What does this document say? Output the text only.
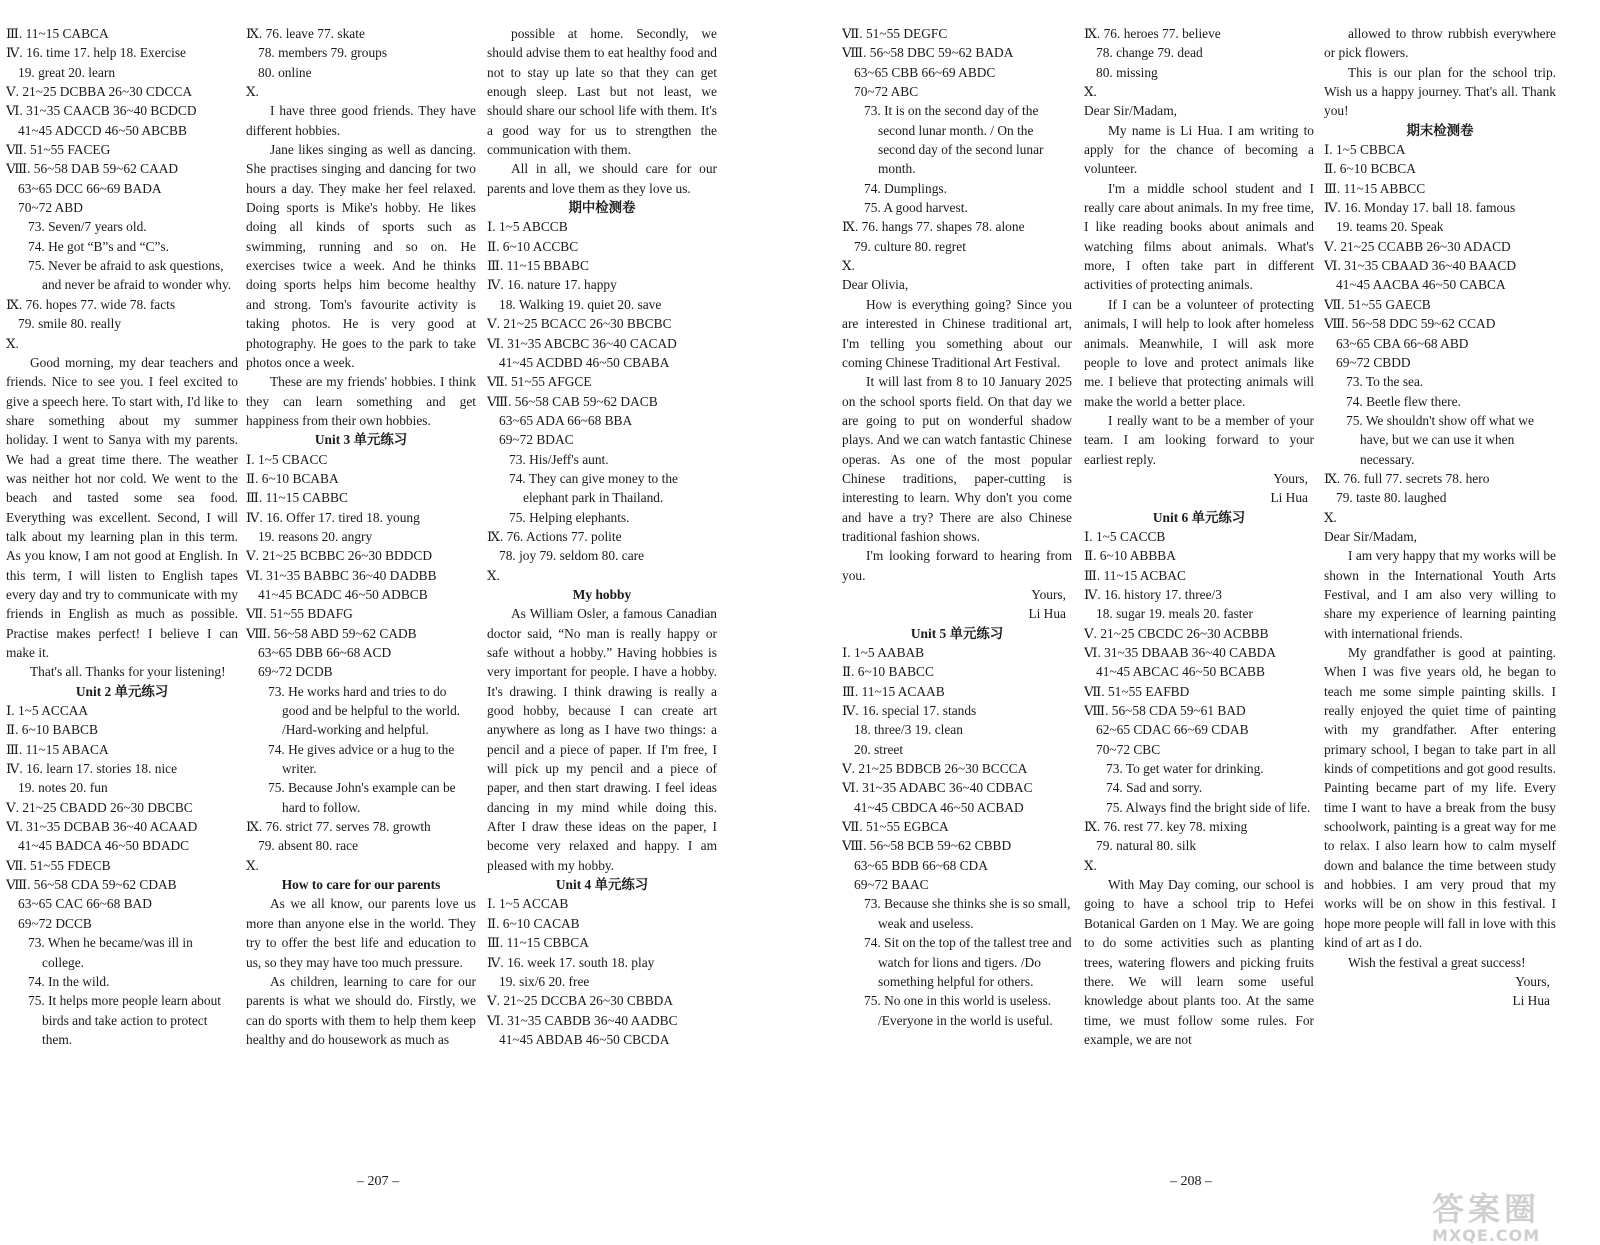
Ⅲ. 11~15 CABCA

Ⅳ. 16. time 17. help 18. Exercise

19. great 20. learn

Ⅴ. 21~25 DCBBA 26~30 CDCCA

Ⅵ. 31~35 CAACB 36~40 BCDCD

41~45 ADCCD 46~50 ABCBB

Ⅶ. 51~55 FACEG

Ⅷ. 56~58 DAB 59~62 CAAD

63~65 DCC 66~69 BADA

70~72 ABD

73. Seven/7 years old.

74. He got “B”s and “C”s.

75. Never be afraid to ask questions, and never be afraid to wonder why.

Ⅸ. 76. hopes 77. wide 78. facts

79. smile 80. really

Ⅹ.

Good morning, my dear teachers and friends. Nice to see you. I feel excited to give a speech here. To start with, I'd like to share something about my summer holiday. I went to Sanya with my parents. We had a great time there. The weather was neither hot nor cold. We went to the beach and tasted some sea food. Everything was excellent. Second, I will talk about my learning plan in this term. As you know, I am not good at English. In this term, I will listen to English tapes every day and try to communicate with my friends in English as much as possible. Practise makes perfect! I believe I can make it.

That's all. Thanks for your listening!

Unit 2 单元练习

Ⅰ. 1~5 ACCAA

Ⅱ. 6~10 BABCB

Ⅲ. 11~15 ABACA

Ⅳ. 16. learn 17. stories 18. nice

19. notes 20. fun

Ⅴ. 21~25 CBADD 26~30 DBCBC

Ⅵ. 31~35 DCBAB 36~40 ACAAD

41~45 BADCA 46~50 BDADC

Ⅶ. 51~55 FDECB

Ⅷ. 56~58 CDA 59~62 CDAB

63~65 CAC 66~68 BAD

69~72 DCCB

73. When he became/was ill in college.

74. In the wild.

75. It helps more people learn about birds and take action to protect them.

Ⅸ. 76. leave 77. skate

78. members 79. groups

80. online

Ⅹ.

I have three good friends. They have different hobbies.

Jane likes singing as well as dancing. She practises singing and dancing for two hours a day. They make her feel relaxed. Doing sports is Mike's hobby. He likes doing all kinds of sports such as swimming, running and so on. He exercises twice a week. And he thinks doing sports helps him become healthy and strong. Tom's favourite activity is taking photos. He is very good at photography. He goes to the park to take photos once a week.

These are my friends' hobbies. I think they can learn something and get happiness from their own hobbies.

Unit 3 单元练习

Ⅰ. 1~5 CBACC

Ⅱ. 6~10 BCABA

Ⅲ. 11~15 CABBC

Ⅳ. 16. Offer 17. tired 18. young

19. reasons 20. angry

Ⅴ. 21~25 BCBBC 26~30 BDDCD

Ⅵ. 31~35 BABBC 36~40 DADBB

41~45 BCADC 46~50 ADBCB

Ⅶ. 51~55 BDAFG

Ⅷ. 56~58 ABD 59~62 CADB

63~65 DBB 66~68 ACD

69~72 DCDB

73. He works hard and tries to do good and be helpful to the world. /Hard-working and helpful.

74. He gives advice or a hug to the writer.

75. Because John's example can be hard to follow.

Ⅸ. 76. strict 77. serves 78. growth

79. absent 80. race

Ⅹ.

How to care for our parents

As we all know, our parents love us more than anyone else in the world. They try to offer the best life and education to us, so they may have too much pressure.

As children, learning to care for our parents is what we should do. Firstly, we can do sports with them to help them keep healthy and do housework as much as

possible at home. Secondly, we should advise them to eat healthy food and not to stay up late so that they can get enough sleep. Last but not least, we should share our school life with them. It's a good way for us to strengthen the communication with them.

All in all, we should care for our parents and love them as they love us.

期中检测卷

Ⅰ. 1~5 ABCCB

Ⅱ. 6~10 ACCBC

Ⅲ. 11~15 BBABC

Ⅳ. 16. nature 17. happy

18. Walking 19. quiet 20. save

Ⅴ. 21~25 BCACC 26~30 BBCBC

Ⅵ. 31~35 ABCBC 36~40 CACAD

41~45 ACDBD 46~50 CBABA

Ⅶ. 51~55 AFGCE

Ⅷ. 56~58 CAB 59~62 DACB

63~65 ADA 66~68 BBA

69~72 BDAC

73. His/Jeff's aunt.

74. They can give money to the elephant park in Thailand.

75. Helping elephants.

Ⅸ. 76. Actions 77. polite

78. joy 79. seldom 80. care

Ⅹ.

My hobby

As William Osler, a famous Canadian doctor said, “No man is really happy or safe without a hobby.” Having hobbies is very important for people. I have a hobby. It's drawing. I think drawing is really a good hobby, because I can create art anywhere as long as I have two things: a pencil and a piece of paper. If I'm free, I will pick up my pencil and a piece of paper, and then start drawing. I feel ideas dancing in my mind while doing this. After I draw these ideas on the paper, I become very relaxed and happy. I am pleased with my hobby.

Unit 4 单元练习

Ⅰ. 1~5 ACCAB

Ⅱ. 6~10 CACAB

Ⅲ. 11~15 CBBCA

Ⅳ. 16. week 17. south 18. play

19. six/6 20. free

Ⅴ. 21~25 DCCBA 26~30 CBBDA

Ⅵ. 31~35 CABDB 36~40 AADBC

41~45 ABDAB 46~50 CBCDA

Ⅶ. 51~55 DEGFC

Ⅷ. 56~58 DBC 59~62 BADA

63~65 CBB 66~69 ABDC

70~72 ABC

73. It is on the second day of the second lunar month. / On the second day of the second lunar month.

74. Dumplings.

75. A good harvest.

Ⅸ. 76. hangs 77. shapes 78. alone

79. culture 80. regret

Ⅹ.

Dear Olivia,

How is everything going? Since you are interested in Chinese traditional art, I'm telling you something about our coming Chinese Traditional Art Festival.

It will last from 8 to 10 January 2025 on the school sports field. On that day we are going to put on wonderful shadow plays. And we can watch fantastic Chinese operas. As one of the most popular Chinese traditions, paper-cutting is interesting to learn. Why don't you come and have a try? There are also Chinese traditional fashion shows.

I'm looking forward to hearing from you.

Yours,

Li Hua

Unit 5 单元练习

Ⅰ. 1~5 AABAB

Ⅱ. 6~10 BABCC

Ⅲ. 11~15 ACAAB

Ⅳ. 16. special 17. stands

18. three/3 19. clean

20. street

Ⅴ. 21~25 BDBCB 26~30 BCCCA

Ⅵ. 31~35 ADABC 36~40 CDBAC

41~45 CBDCA 46~50 ACBAD

Ⅶ. 51~55 EGBCA

Ⅷ. 56~58 BCB 59~62 CBBD

63~65 BDB 66~68 CDA

69~72 BAAC

73. Because she thinks she is so small, weak and useless.

74. Sit on the top of the tallest tree and watch for lions and tigers. /Do something helpful for others.

75. No one in this world is useless. /Everyone in the world is useful.

Ⅸ. 76. heroes 77. believe

78. change 79. dead

80. missing

Ⅹ.

Dear Sir/Madam,

My name is Li Hua. I am writing to apply for the chance of becoming a volunteer.

I'm a middle school student and I really care about animals. In my free time, I like reading books about animals and watching films about animals. What's more, I often take part in different activities of protecting animals.

If I can be a volunteer of protecting animals, I will help to look after homeless animals. Meanwhile, I will ask more people to love and protect animals like me. I believe that protecting animals will make the world a better place.

I really want to be a member of your team. I am looking forward to your earliest reply.

Yours,

Li Hua

Unit 6 单元练习

Ⅰ. 1~5 CACCB

Ⅱ. 6~10 ABBBA

Ⅲ. 11~15 ACBAC

Ⅳ. 16. history 17. three/3

18. sugar 19. meals 20. faster

Ⅴ. 21~25 CBCDC 26~30 ACBBB

Ⅵ. 31~35 DBAAB 36~40 CABDA

41~45 ABCAC 46~50 BCABB

Ⅶ. 51~55 EAFBD

Ⅷ. 56~58 CDA 59~61 BAD

62~65 CDAC 66~69 CDAB

70~72 CBC

73. To get water for drinking.

74. Sad and sorry.

75. Always find the bright side of life.

Ⅸ. 76. rest 77. key 78. mixing

79. natural 80. silk

Ⅹ.

With May Day coming, our school is going to have a school trip to Hefei Botanical Garden on 1 May. We are going to do some activities such as planting trees, watering flowers and picking fruits there. We will learn some useful knowledge about plants too. At the same time, we must follow some rules. For example, we are not

allowed to throw rubbish everywhere or pick flowers.

This is our plan for the school trip. Wish us a happy journey. That's all. Thank you!

期末检测卷

Ⅰ. 1~5 CBBCA

Ⅱ. 6~10 BCBCA

Ⅲ. 11~15 ABBCC

Ⅳ. 16. Monday 17. ball 18. famous

19. teams 20. Speak

Ⅴ. 21~25 CCABB 26~30 ADACD

Ⅵ. 31~35 CBAAD 36~40 BAACD

41~45 AACBA 46~50 CABCA

Ⅶ. 51~55 GAECB

Ⅷ. 56~58 DDC 59~62 CCAD

63~65 CBA 66~68 ABD

69~72 CBDD

73. To the sea.

74. Beetle flew there.

75. We shouldn't show off what we have, but we can use it when necessary.

Ⅸ. 76. full 77. secrets 78. hero

79. taste 80. laughed

Ⅹ.

Dear Sir/Madam,

I am very happy that my works will be shown in the International Youth Arts Festival, and I am also very willing to share my experience of learning painting with international friends.

My grandfather is good at painting. When I was five years old, he began to teach me some simple painting skills. I really enjoyed the quiet time of painting with my grandfather. After entering primary school, I began to take part in all kinds of competitions and got good results. Painting became part of my life. Every time I want to have a break from the busy schoolwork, painting is a great way for me to relax. I also learn how to calm myself down and balance the time between study and hobbies. I am very proud that my works will be on show in this festival. I hope more people will fall in love with this kind of art as I do.

Wish the festival a great success!

Yours,

Li Hua

– 207 –	– 208 –
答案圈
MXQE.COM
